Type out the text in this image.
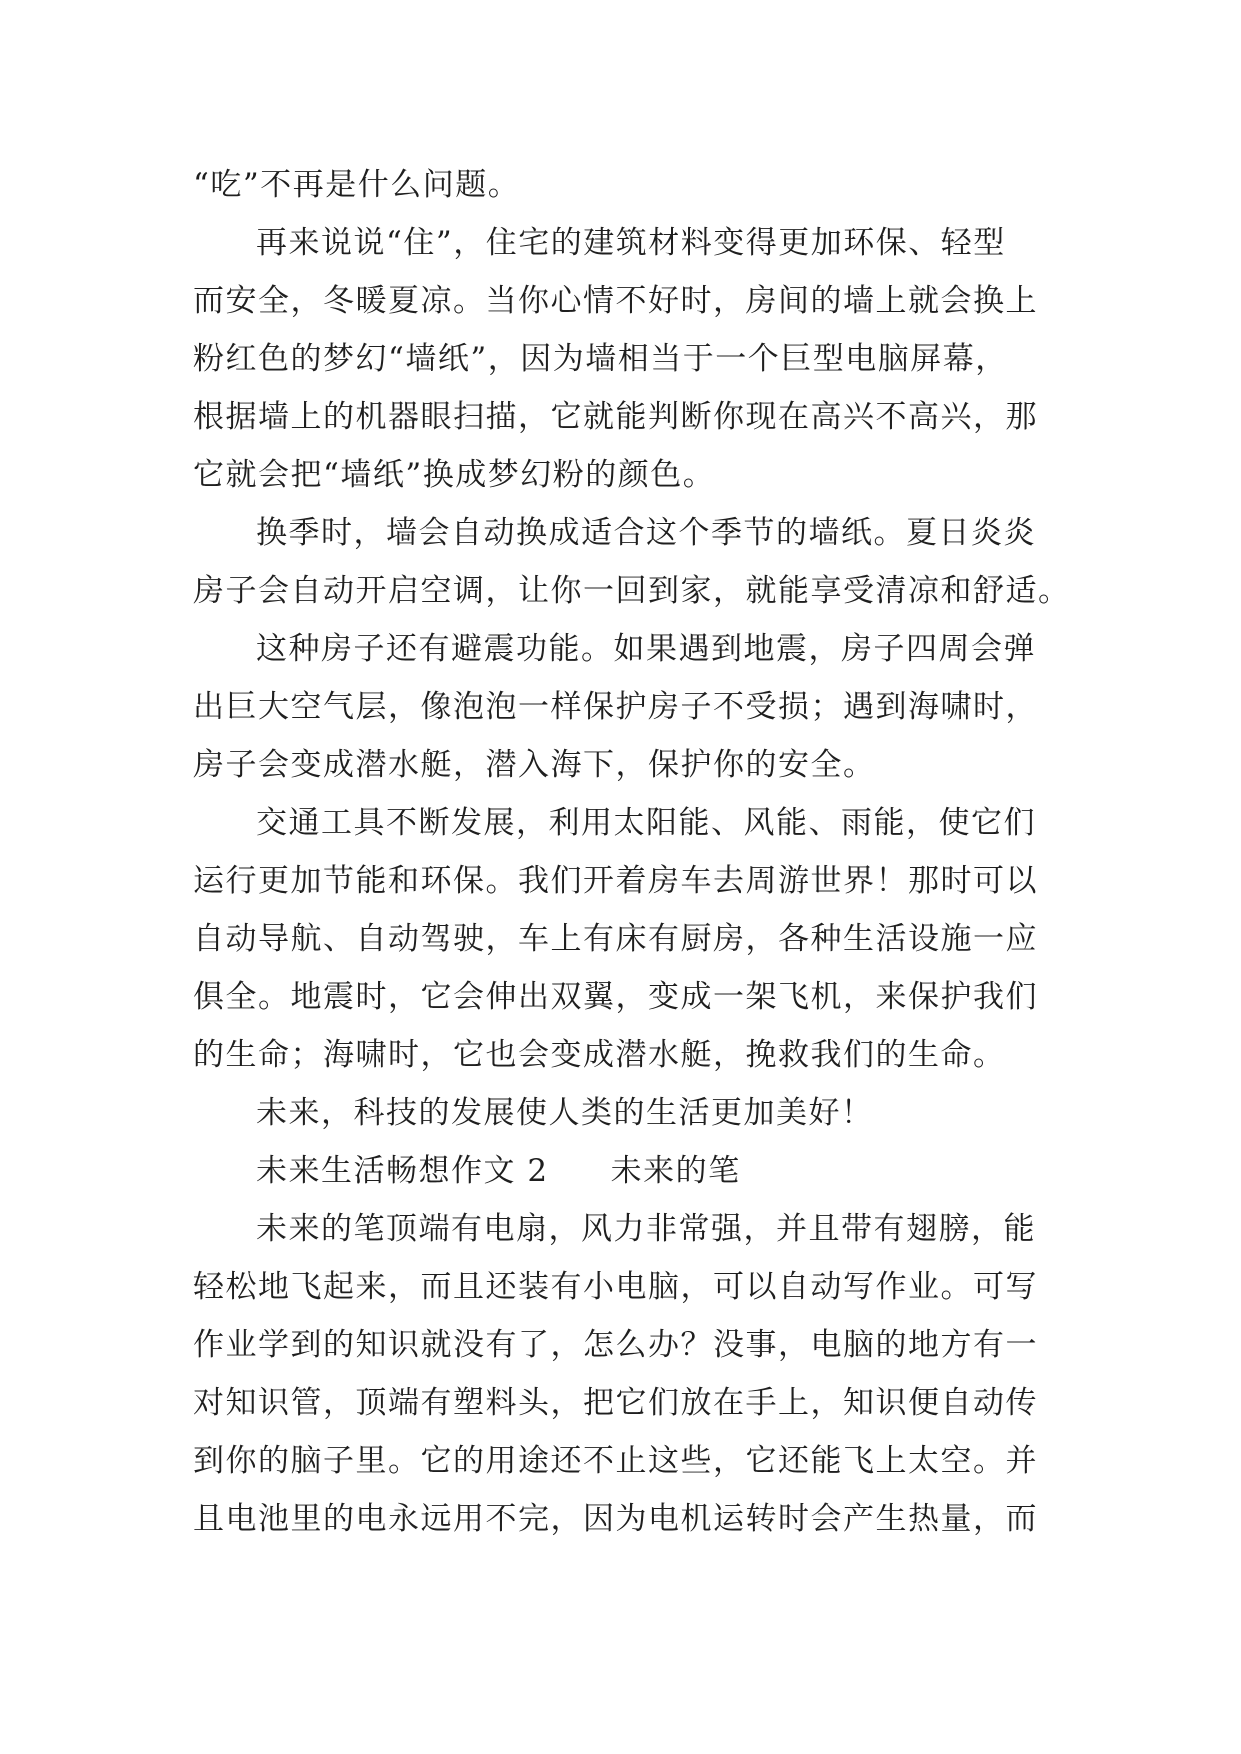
“吃”不再是什么问题。
再来说说“住”，住宅的建筑材料变得更加环保、轻型
而安全，冬暖夏凉。当你心情不好时，房间的墙上就会换上
粉红色的梦幻“墙纸”，因为墙相当于一个巨型电脑屏幕，
根据墙上的机器眼扫描，它就能判断你现在高兴不高兴，那
它就会把“墙纸”换成梦幻粉的颜色。
换季时，墙会自动换成适合这个季节的墙纸。夏日炎炎
房子会自动开启空调，让你一回到家，就能享受清凉和舒适。
这种房子还有避震功能。如果遇到地震，房子四周会弹
出巨大空气层，像泡泡一样保护房子不受损；遇到海啸时，
房子会变成潜水艇，潜入海下，保护你的安全。
交通工具不断发展，利用太阳能、风能、雨能，使它们
运行更加节能和环保。我们开着房车去周游世界！那时可以
自动导航、自动驾驶，车上有床有厨房，各种生活设施一应
俱全。地震时，它会伸出双翼，变成一架飞机，来保护我们
的生命；海啸时，它也会变成潜水艇，挽救我们的生命。
未来，科技的发展使人类的生活更加美好！
未来生活畅想作文 2 未来的笔
未来的笔顶端有电扇，风力非常强，并且带有翅膀，能
轻松地飞起来，而且还装有小电脑，可以自动写作业。可写
作业学到的知识就没有了，怎么办？没事，电脑的地方有一
对知识管，顶端有塑料头，把它们放在手上，知识便自动传
到你的脑子里。它的用途还不止这些，它还能飞上太空。并
且电池里的电永远用不完，因为电机运转时会产生热量，而
